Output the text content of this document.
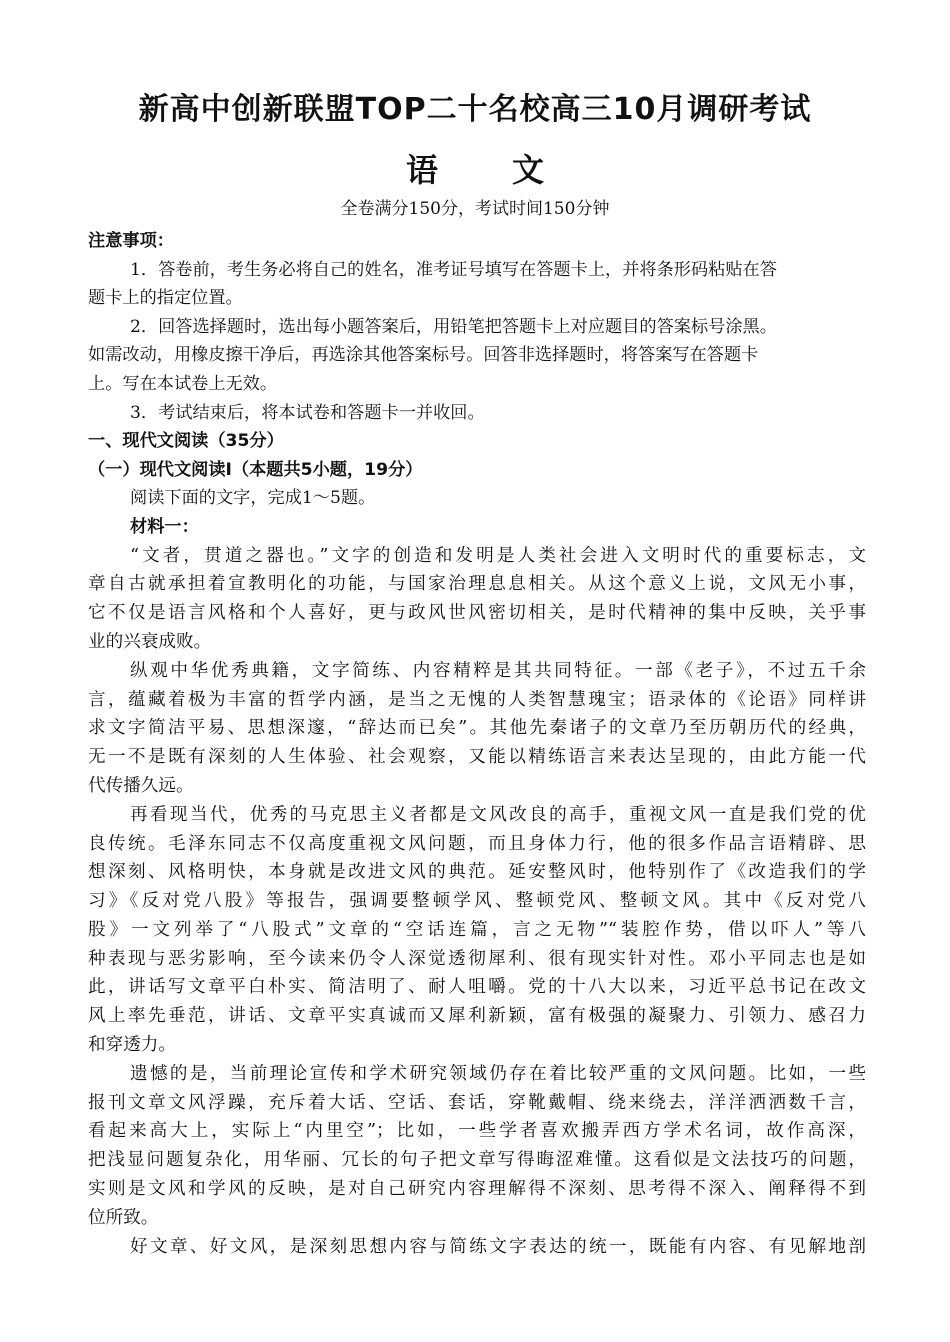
新高中创新联盟TOP二十名校高三10月调研考试
语 文
全卷满分150分，考试时间150分钟
注意事项：
1．答卷前，考生务必将自己的姓名，准考证号填写在答题卡上，并将条形码粘贴在答
题卡上的指定位置。
2．回答选择题时，选出每小题答案后，用铅笔把答题卡上对应题目的答案标号涂黑。
如需改动，用橡皮擦干净后，再选涂其他答案标号。回答非选择题时，将答案写在答题卡
上。写在本试卷上无效。
3．考试结束后，将本试卷和答题卡一并收回。
一、现代文阅读（35分）
（一）现代文阅读Ⅰ（本题共5小题，19分）
阅读下面的文字，完成1～5题。
材料一：
“文者，贯道之器也。”文字的创造和发明是人类社会进入文明时代的重要标志，文
章自古就承担着宣教明化的功能，与国家治理息息相关。从这个意义上说，文风无小事，
它不仅是语言风格和个人喜好，更与政风世风密切相关，是时代精神的集中反映，关乎事
业的兴衰成败。
纵观中华优秀典籍，文字简练、内容精粹是其共同特征。一部《老子》，不过五千余
言，蕴藏着极为丰富的哲学内涵，是当之无愧的人类智慧瑰宝；语录体的《论语》同样讲
求文字简洁平易、思想深邃，“辞达而已矣”。其他先秦诸子的文章乃至历朝历代的经典，
无一不是既有深刻的人生体验、社会观察，又能以精练语言来表达呈现的，由此方能一代
代传播久远。
再看现当代，优秀的马克思主义者都是文风改良的高手，重视文风一直是我们党的优
良传统。毛泽东同志不仅高度重视文风问题，而且身体力行，他的很多作品言语精辟、思
想深刻、风格明快，本身就是改进文风的典范。延安整风时，他特别作了《改造我们的学
习》《反对党八股》等报告，强调要整顿学风、整顿党风、整顿文风。其中《反对党八
股》一文列举了“八股式”文章的“空话连篇，言之无物”“装腔作势，借以吓人”等八
种表现与恶劣影响，至今读来仍令人深觉透彻犀利、很有现实针对性。邓小平同志也是如
此，讲话写文章平白朴实、简洁明了、耐人咀嚼。党的十八大以来，习近平总书记在改文
风上率先垂范，讲话、文章平实真诚而又犀利新颖，富有极强的凝聚力、引领力、感召力
和穿透力。
遗憾的是，当前理论宣传和学术研究领域仍存在着比较严重的文风问题。比如，一些
报刊文章文风浮躁，充斥着大话、空话、套话，穿靴戴帽、绕来绕去，洋洋洒洒数千言，
看起来高大上，实际上“内里空”；比如，一些学者喜欢搬弄西方学术名词，故作高深，
把浅显问题复杂化，用华丽、冗长的句子把文章写得晦涩难懂。这看似是文法技巧的问题，
实则是文风和学风的反映，是对自己研究内容理解得不深刻、思考得不深入、阐释得不到
位所致。
好文章、好文风，是深刻思想内容与简练文字表达的统一，既能有内容、有见解地剖
